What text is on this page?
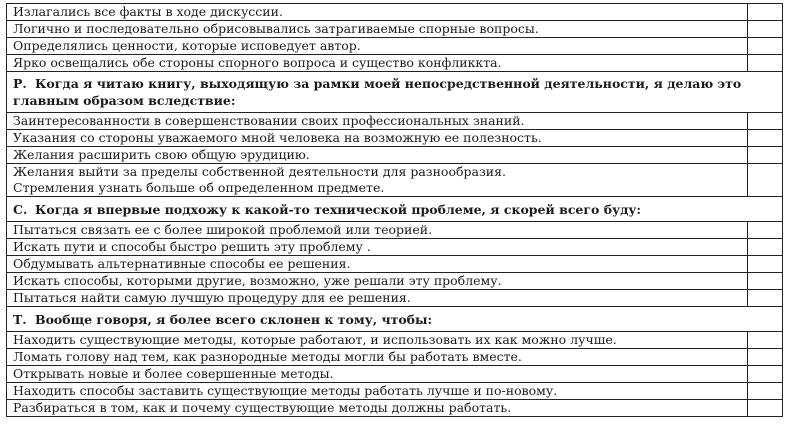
Излагались все факты в ходе дискуссии.	
Логично и последовательно обрисовывались затрагиваемые спорные вопросы.	
Определялись ценности, которые исповедует автор.	
Ярко освещались обе стороны спорного вопроса и существо конфликкта.	
Р. Когда я читаю книгу, выходящую за рамки моей непосредственной деятельности, я делаю это главным образом вследствие:	
Заинтересованности в совершенствовании своих профессиональных знаний.	
Указания со стороны уважаемого мной человека на возможную ее полезность.	
Желания расширить свою общую эрудицию.	
Желания выйти за пределы собственной деятельности для разнообразия.	
Стремления узнать больше об определенном предмете.	
С. Когда я впервые подхожу к какой-то технической проблеме, я скорей всего буду:	
Пытаться связать ее с более широкой проблемой или теорией.	
Искать пути и способы быстро решить эту проблему .	
Обдумывать альтернативные способы ее решения.	
Искать способы, которыми другие, возможно, уже решали эту проблему.	
Пытаться найти самую лучшую процедуру для ее решения.	
Т. Вообще говоря, я более всего склонен к тому, чтобы:	
Находить существующие методы, которые работают, и использовать их как можно лучше.	
Ломать голову над тем, как разнородные методы могли бы работать вместе.	
Открывать новые и более совершенные методы.	
Находить способы заставить существующие методы работать лучше и по-новому.	
Разбираться в том, как и почему существующие методы должны работать.	
